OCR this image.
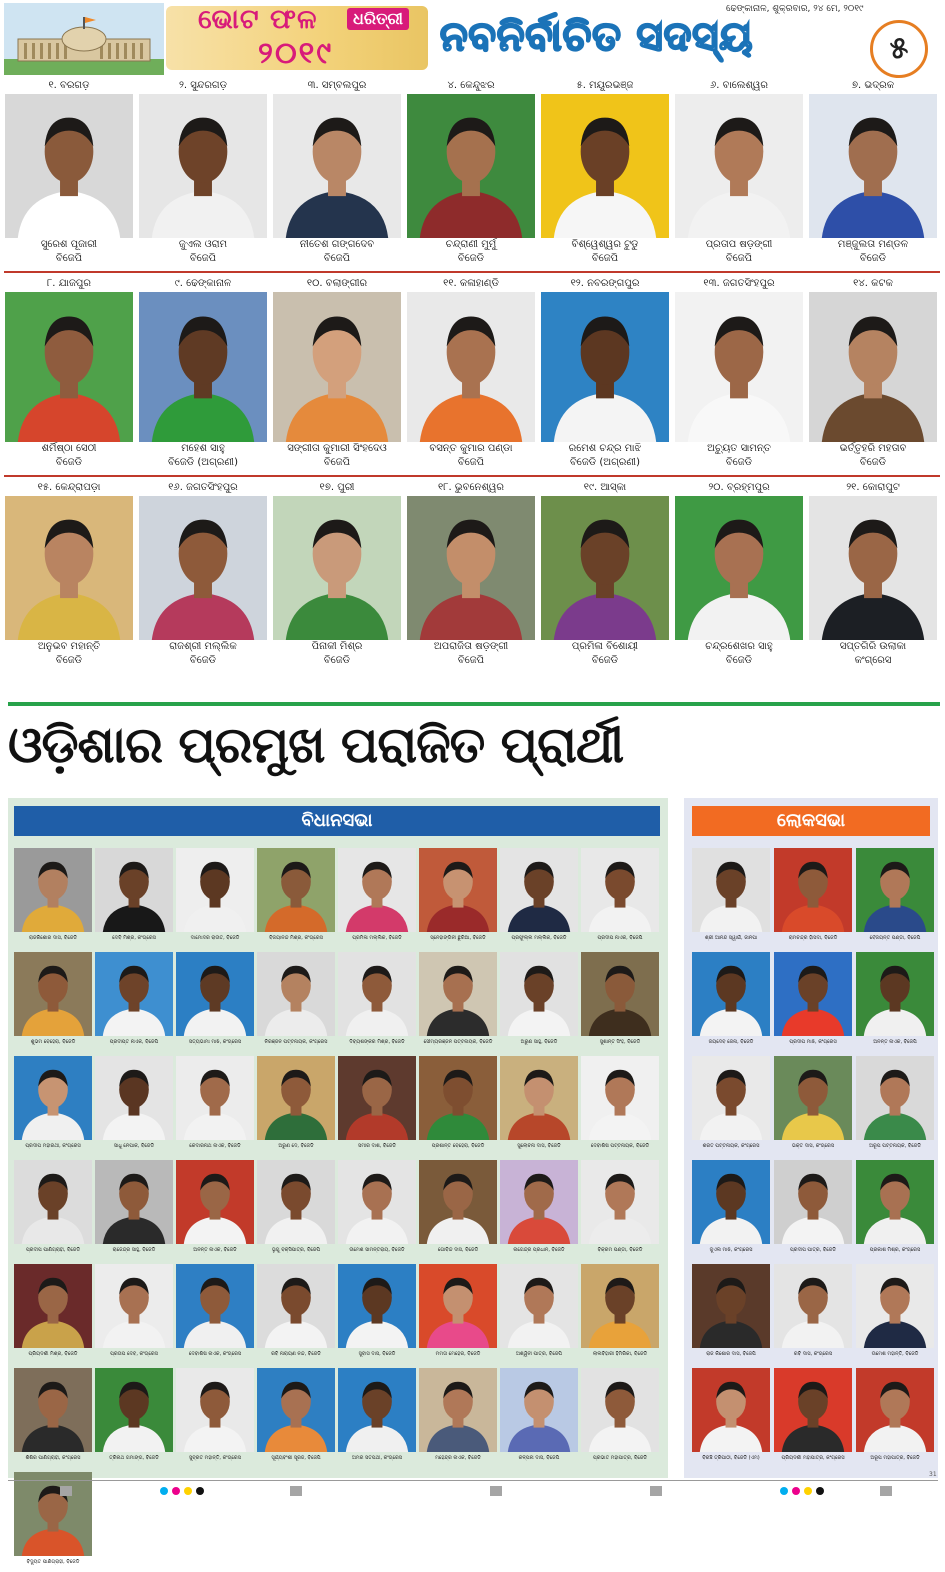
ଭୋଟ ଫଳ	ଧରିତ୍ରୀ
୨୦୧୯	ନବନିର୍ବାଚିତ ସଦସ୍ୟ
ଢେଙ୍କାନାଳ, ଶୁକ୍ରବାର, ୨୪ ମେ, ୨୦୧୯
୫
୧. ବରଗଡ଼
ସୁରେଶ ପୂଜାରୀ
ବିଜେପି
୨. ସୁନ୍ଦରଗଡ଼
ଜୁଏଲ ଓରାମ
ବିଜେପି
୩. ସମ୍ବଲପୁର
ନୀତେଶ ଗଙ୍ଗଦେବ
ବିଜେପି
୪. କେନ୍ଦୁଝର
ଚନ୍ଦ୍ରାଣୀ ମୁର୍ମୁ
ବିଜେଡି
୫. ମୟୂରଭଞ୍ଜ
ବିଶ୍ୱେଶ୍ୱର ଟୁଡୁ
ବିଜେପି
୬. ବାଲେଶ୍ୱର
ପ୍ରତାପ ଷଡ଼ଙ୍ଗୀ
ବିଜେପି
୭. ଭଦ୍ରକ
ମଞ୍ଜୁଲତା ମଣ୍ଡଳ
ବିଜେଡି
୮. ଯାଜପୁର
ଶର୍ମିଷ୍ଠା ସେଠୀ
ବିଜେଡି
୯. ଢେଙ୍କାନାଳ
ମହେଶ ସାହୁ
ବିଜେଡି (ଅଗ୍ରଣୀ)
୧୦. ବଲାଙ୍ଗୀର
ସଙ୍ଗୀତା କୁମାରୀ ସିଂହଦେଓ
ବିଜେପି
୧୧. କଳାହାଣ୍ଡି
ବସନ୍ତ କୁମାର ପଣ୍ଡା
ବିଜେପି
୧୨. ନବରଙ୍ଗପୁର
ରମେଶ ଚନ୍ଦ୍ର ମାଝି
ବିଜେଡି (ଅଗ୍ରଣୀ)
୧୩. ଜଗତସିଂହପୁର
ଅଚ୍ୟୁତ ସାମନ୍ତ
ବିଜେଡି
୧୪. କଟକ
ଭର୍ତ୍ତୃହରି ମହତାବ
ବିଜେଡି
୧୫. କେନ୍ଦ୍ରାପଡ଼ା
ଅନୁଭବ ମହାନ୍ତି
ବିଜେଡି
୧୬. ଜଗତସିଂହପୁର
ରାଜଶ୍ରୀ ମଲ୍ଲିକ
ବିଜେଡି
୧୭. ପୁରୀ
ପିନାକୀ ମିଶ୍ର
ବିଜେଡି
୧୮. ଭୁବନେଶ୍ୱର
ଅପରାଜିତା ଷଡ଼ଙ୍ଗୀ
ବିଜେପି
୧୯. ଆସ୍କା
ପ୍ରମିଳା ବିଶୋୟୀ
ବିଜେଡି
୨୦. ବ୍ରହ୍ମପୁର
ଚନ୍ଦ୍ରଶେଖର ସାହୁ
ବିଜେଡି
୨୧. କୋରାପୁଟ
ସପ୍ତଗିରି ଉଲାକା
କଂଗ୍ରେସ
ଓଡ଼ିଶାର ପ୍ରମୁଖ ପରାଜିତ ପ୍ରାର୍ଥୀ
ବିଧାନସଭା
ରାଜକିଶୋର ଦାସ, ବିଜେଡି	ଦେବି ମିଶ୍ର, କଂଗ୍ରେସ	ଦାମୋଦର ରାଉତ, ବିଜେଡି	ବିଜୟାନନ୍ଦ ମିଶ୍ର, କଂଗ୍ରେସ	ପ୍ରମିଳା ମଲ୍ଲିକ, ବିଜେଡି	ସ୍ନେହାଙ୍ଗିନୀ ଛୁରିଆ, ବିଜେଡି	ପ୍ରଫୁଲ୍ଲ ମଲ୍ଲିକ, ବିଜେଡି	ପ୍ରଦୀପ ନାଏକ, ବିଜେପି
ଶୁଭମ ବେହେରା, ବିଜେଡି	ପ୍ରଦୀପ୍ତ ନାଏକ, ବିଜେପି	ସତ୍ୟଭାମା ମାଝି, କଂଗ୍ରେସ	ନିରଞ୍ଜନ ପଟ୍ଟନାୟକ, କଂଗ୍ରେସ	ଦିବ୍ୟଶଙ୍କର ମିଶ୍ର, ବିଜେଡି	ସୌମ୍ୟରଞ୍ଜନ ପଟ୍ଟନାୟକ, ବିଜେଡି	ଅରୁଣ ସାହୁ, ବିଜେଡି	ସୁଶାନ୍ତ ସିଂହ, ବିଜେଡି
ପ୍ରଦୀପ ମହାରଥୀ, କଂଗ୍ରେସ	ସାଧୁ ନେପାକ, ବିଜେଡି	କେଦାରନାଥ ନାଏକ, ବିଜେଡି	ଅରୁଣ ଦେ, ବିଜେଡି	ସମୀର ଦାଶ, ବିଜେଡି	ପ୍ରଶାନ୍ତ ବେହେରା, ବିଜେଡି	ସୁଲୋଚନା ଦାସ, ବିଜେଡି	ଦେବାଶିଷ ପଟ୍ଟନାୟକ, ବିଜେଡି
ପ୍ରଦୀପ ପାଣିଗ୍ରାହୀ, ବିଜେଡି	ରାଜେନ୍ଦ୍ର ସାହୁ, ବିଜେଡି	ଅନନ୍ତ ନାଏକ, ବିଜେଡି	ଭୃଗୁ ବକ୍ସିପାତ୍ର, ବିଜେପି	ଉମେଶ ସାମନ୍ତରାୟ, ବିଜେଡି	ଗୋବିନ୍ଦ ଦାସ, ବିଜେଡି	ନାଗେନ୍ଦ୍ର ପ୍ରଧାନ, ବିଜେଡି	ବିକ୍ରମ ପଣ୍ଡା, ବିଜେଡି
ପ୍ରିୟଦର୍ଶୀ ମିଶ୍ର, ବିଜେଡି	ପ୍ରତାପ ଦେବ, କଂଗ୍ରେସ	ଦେବାଶିଷ ନାଏକ, କଂଗ୍ରେସ	ରବି ନାରାୟଣ ନନ୍ଦ, ବିଜେଡି	ସୁବାସ ଦାସ, ବିଜେଡି	ମମତା ମେହେର, ବିଜେଡି	ଅଶ୍ୱିନୀ ପାତ୍ର, ବିଜେପି	ଲାଲବିହାରୀ ହିମିରିକା, ବିଜେଡି
ଶିଶିର ପାଣିଗ୍ରାହୀ, କଂଗ୍ରେସ	ତ୍ରିନାଥ ଗମାଙ୍ଗ, ବିଜେଡି	ସୁବ୍ରତ ମହାନ୍ତି, କଂଗ୍ରେସ	ସୂର୍ଯ୍ୟବଂଶୀ ସୂରଜ, ବିଜେପି	ଅମର ସତପଥୀ, କଂଗ୍ରେସ	ମହେନ୍ଦ୍ର ନାଏକ, ବିଜେଡି	କଳ୍ପନା ଦାସ, ବିଜେପି	ପ୍ରଭାତ ମହାପାତ୍ର, ବିଜେଡି
ବିଦ୍ୟୁତ ପାଣିଗ୍ରାହୀ, ବିଜେଡି
ଲୋକସଭା
ଶ୍ରୀ ଆନନ୍ଦ ସ୍ୱାଇଁ, ଜାନପା	ରାମଚନ୍ଦ୍ର ହାଁସଦା, ବିଜେଡି	ବୈଜୟନ୍ତ ପଣ୍ଡା, ବିଜେପି
ଜୟଦେବ ଜେନା, ବିଜେଡି	ପ୍ରଦୀପ ମାଝି, କଂଗ୍ରେସ	ଅନନ୍ତ ନାଏକ, ବିଜେପି
ଶରତ ପଟ୍ଟନାୟକ, କଂଗ୍ରେସ	ଭକ୍ତ ଦାସ, କଂଗ୍ରେସ	ଅରୂପ ପଟ୍ଟନାୟକ, ବିଜେଡି
ଜୁଏଲ ମାଝି, କଂଗ୍ରେସ	ପ୍ରଦୀପ ପାତ୍ର, ବିଜେଡି	ପ୍ରକାଶ ମିଶ୍ର, କଂଗ୍ରେସ
ରାଜ କିଶୋର ଦାସ, ବିଜେପି	ରବି ଦାସ, କଂଗ୍ରେସ	ଉମେଶ ମହାନ୍ତି, ବିଜେଡି
ବିରଞ୍ଚି ତ୍ରିପାଠୀ, ବିଜେଡି (ଏମ)	ପ୍ରିୟଦର୍ଶୀ ମହାପାତ୍ର, କଂଗ୍ରେସ	ଅରୂପ ମହାପାତ୍ର, ବିଜେଡି
31
